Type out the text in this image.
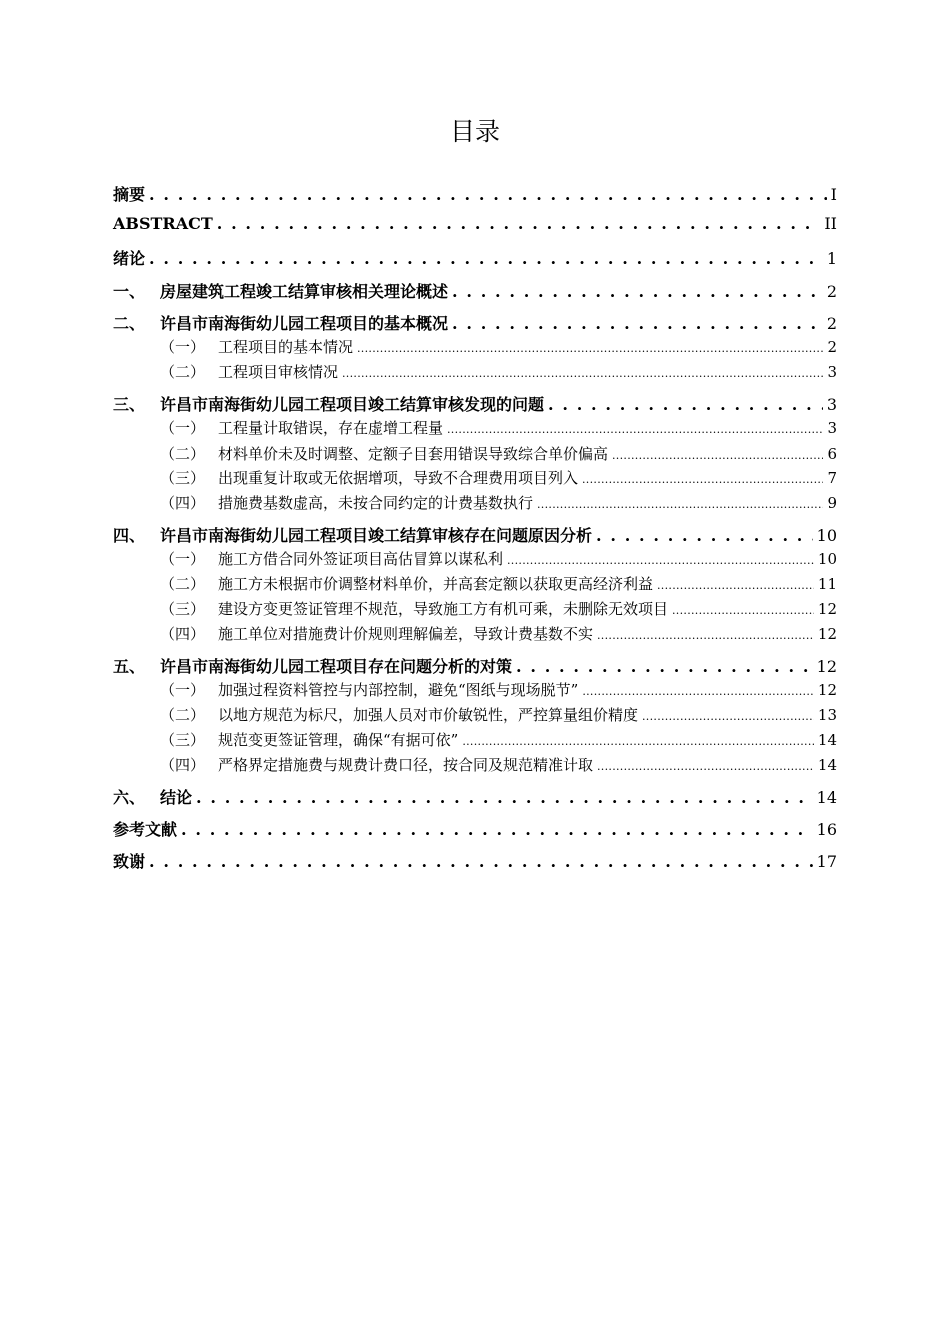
目录
摘要 . . .	I
ABSTRACT . . .	II
绪论 . . .	1
一、 房屋建筑工程竣工结算审核相关理论概述 . . .	2
二、 许昌市南海街幼儿园工程项目的基本概况 . . .	2
（一） 工程项目的基本情况 .....	2
（二） 工程项目审核情况 .....	3
三、 许昌市南海街幼儿园工程项目竣工结算审核发现的问题 . . .	3
（一） 工程量计取错误，存在虚增工程量 .....	3
（二） 材料单价未及时调整、定额子目套用错误导致综合单价偏高 .....	6
（三） 出现重复计取或无依据增项，导致不合理费用项目列入 .....	7
（四） 措施费基数虚高，未按合同约定的计费基数执行 .....	9
四、 许昌市南海街幼儿园工程项目竣工结算审核存在问题原因分析 . . .	10
（一） 施工方借合同外签证项目高估冒算以谋私利 .....	10
（二） 施工方未根据市价调整材料单价，并高套定额以获取更高经济利益 .....	11
（三） 建设方变更签证管理不规范，导致施工方有机可乘，未删除无效项目 .....	12
（四） 施工单位对措施费计价规则理解偏差，导致计费基数不实 .....	12
五、 许昌市南海街幼儿园工程项目存在问题分析的对策 . . .	12
（一） 加强过程资料管控与内部控制，避免“图纸与现场脱节” .....	12
（二） 以地方规范为标尺，加强人员对市价敏锐性，严控算量组价精度 .....	13
（三） 规范变更签证管理，确保“有据可依” .....	14
（四） 严格界定措施费与规费计费口径，按合同及规范精准计取 .....	14
六、 结论 . . .	14
参考文献 . . .	16
致谢 . . .	17
